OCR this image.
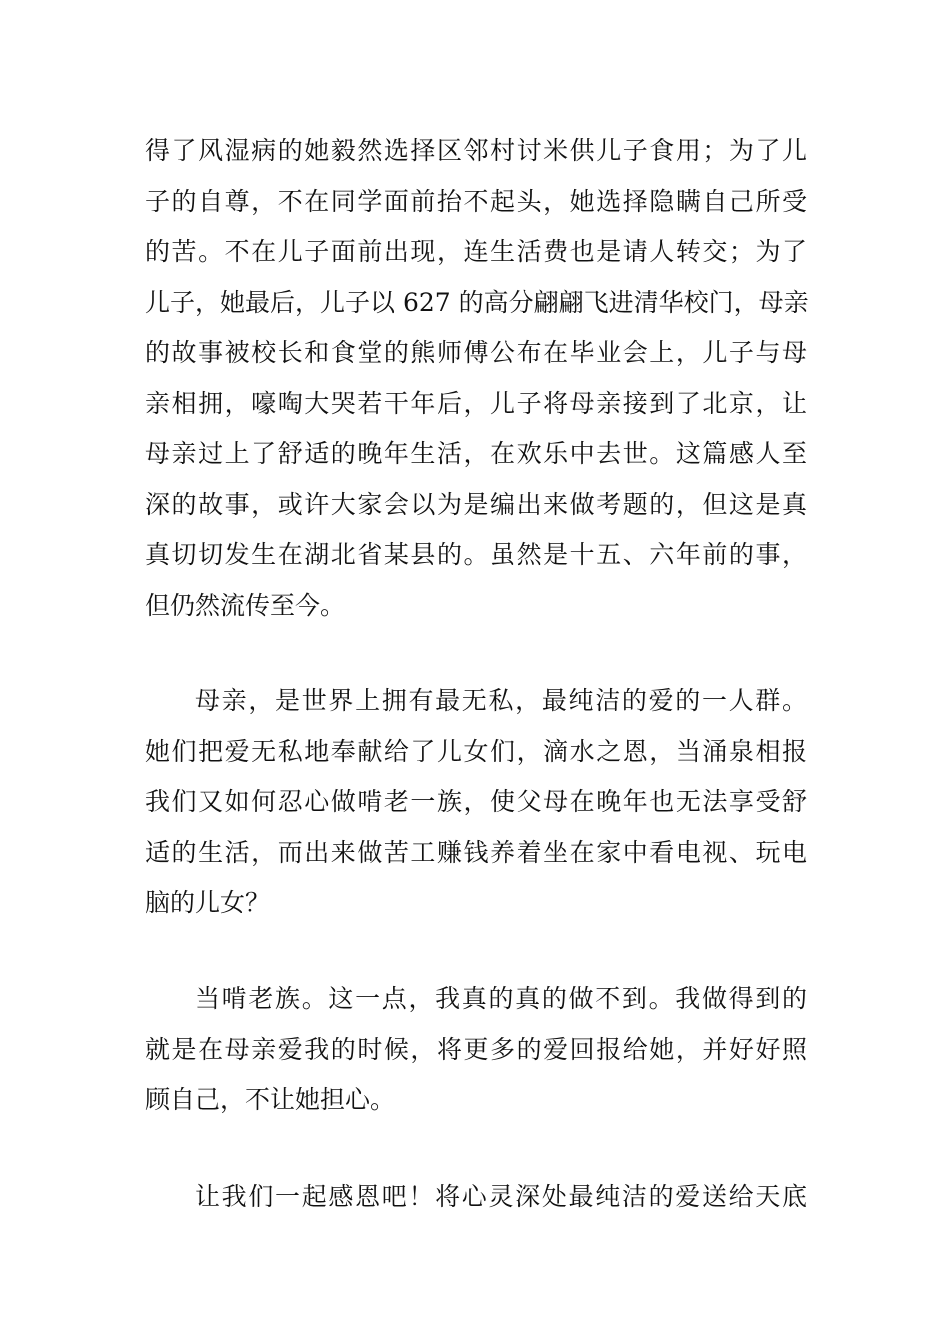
得了风湿病的她毅然选择区邻村讨米供儿子食用；为了儿
子的自尊，不在同学面前抬不起头，她选择隐瞒自己所受
的苦。不在儿子面前出现，连生活费也是请人转交；为了
儿子，她最后，儿子以 627 的高分翩翩飞进清华校门，母亲
的故事被校长和食堂的熊师傅公布在毕业会上，儿子与母
亲相拥，嚎啕大哭若干年后，儿子将母亲接到了北京，让
母亲过上了舒适的晚年生活，在欢乐中去世。这篇感人至
深的故事，或许大家会以为是编出来做考题的，但这是真
真切切发生在湖北省某县的。虽然是十五、六年前的事，
但仍然流传至今。
母亲，是世界上拥有最无私，最纯洁的爱的一人群。
她们把爱无私地奉献给了儿女们，滴水之恩，当涌泉相报
我们又如何忍心做啃老一族，使父母在晚年也无法享受舒
适的生活，而出来做苦工赚钱养着坐在家中看电视、玩电
脑的儿女？
当啃老族。这一点，我真的真的做不到。我做得到的
就是在母亲爱我的时候，将更多的爱回报给她，并好好照
顾自己，不让她担心。
让我们一起感恩吧！将心灵深处最纯洁的爱送给天底
